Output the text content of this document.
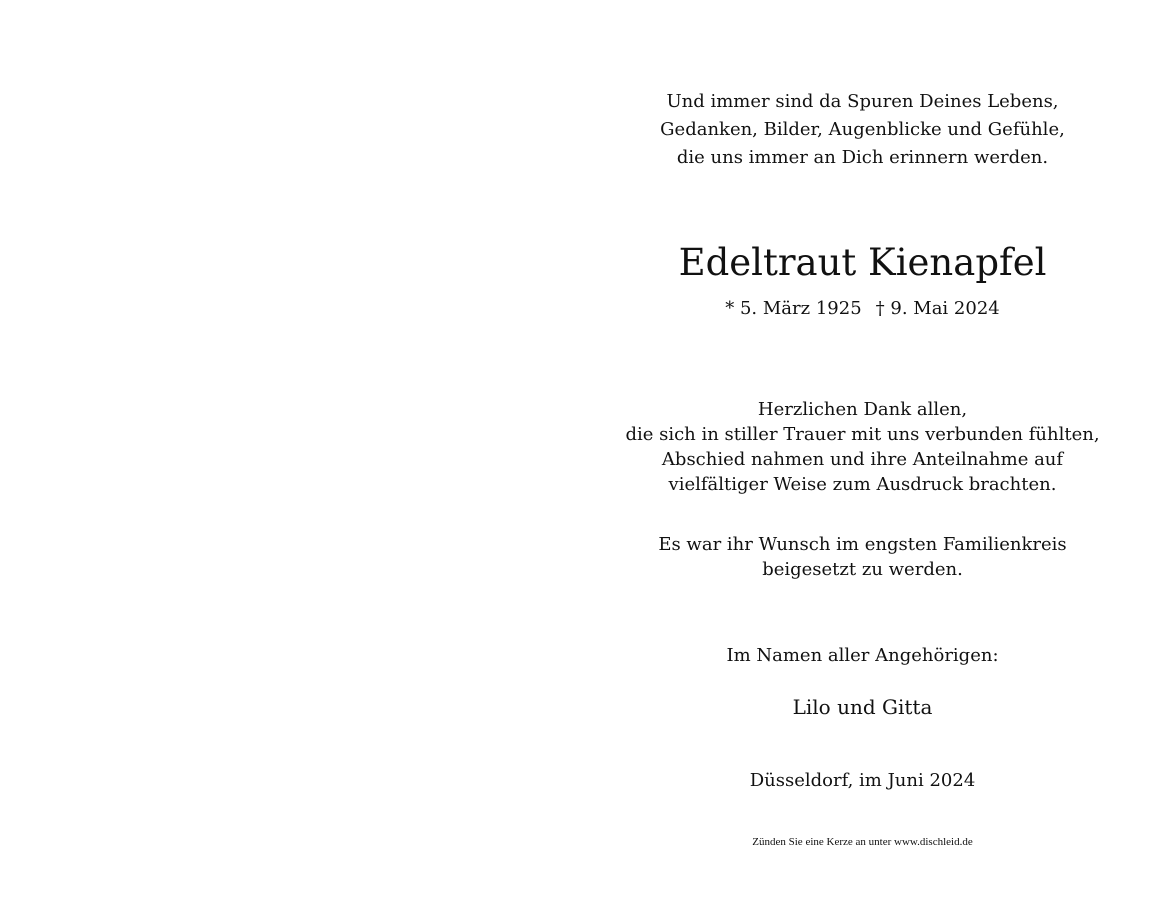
Und immer sind da Spuren Deines Lebens,
Gedanken, Bilder, Augenblicke und Gefühle,
die uns immer an Dich erinnern werden.
Edeltraut Kienapfel
* 5. März 1925 † 9. Mai 2024
Herzlichen Dank allen,
die sich in stiller Trauer mit uns verbunden fühlten,
Abschied nahmen und ihre Anteilnahme auf
vielfältiger Weise zum Ausdruck brachten.
Es war ihr Wunsch im engsten Familienkreis
beigesetzt zu werden.
Im Namen aller Angehörigen:
Lilo und Gitta
Düsseldorf, im Juni 2024
Zünden Sie eine Kerze an unter www.dischleid.de
